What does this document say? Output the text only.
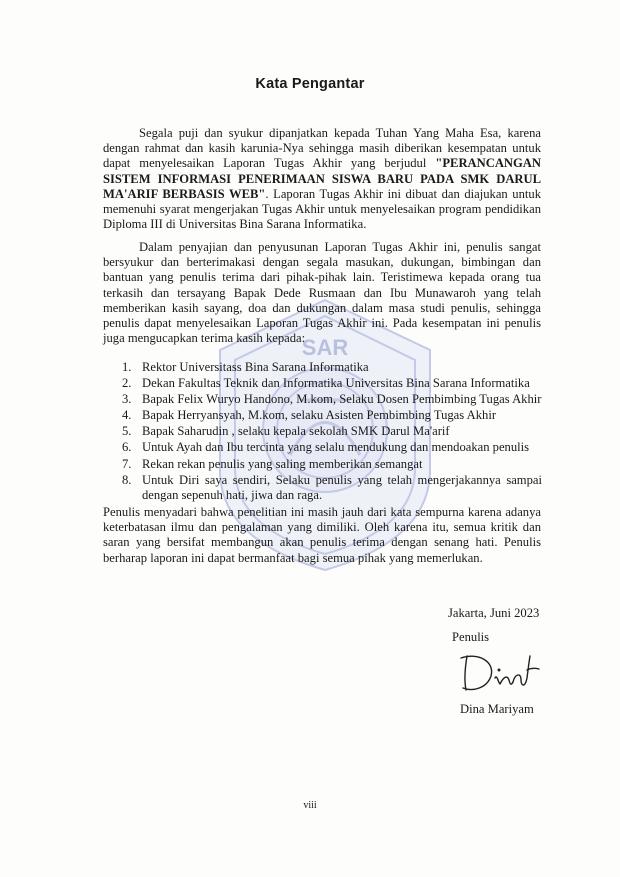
SAR
Kata Pengantar

Segala puji dan syukur dipanjatkan kepada Tuhan Yang Maha Esa, karena dengan rahmat dan kasih karunia-Nya sehingga masih diberikan kesempatan untuk dapat menyelesaikan Laporan Tugas Akhir yang berjudul "PERANCANGAN SISTEM INFORMASI PENERIMAAN SISWA BARU PADA SMK DARUL MA'ARIF BERBASIS WEB". Laporan Tugas Akhir ini dibuat dan diajukan untuk memenuhi syarat mengerjakan Tugas Akhir untuk menyelesaikan program pendidikan Diploma III di Universitas Bina Sarana Informatika.

Dalam penyajian dan penyusunan Laporan Tugas Akhir ini, penulis sangat bersyukur dan berterimakasi dengan segala masukan, dukungan, bimbingan dan bantuan yang penulis terima dari pihak-pihak lain. Teristimewa kepada orang tua terkasih dan tersayang Bapak Dede Rusmaan dan Ibu Munawaroh yang telah memberikan kasih sayang, doa dan dukungan dalam masa studi penulis, sehingga penulis dapat menyelesaikan Laporan Tugas Akhir ini. Pada kesempatan ini penulis juga mengucapkan terima kasih kepada:

1. Rektor Universitass Bina Sarana Informatika
2. Dekan Fakultas Teknik dan Informatika Universitas Bina Sarana Informatika
3. Bapak Felix Wuryo Handono, M.kom, Selaku Dosen Pembimbing Tugas Akhir
4. Bapak Herryansyah, M.kom, selaku Asisten Pembimbing Tugas Akhir
5. Bapak Saharudin , selaku kepala sekolah SMK Darul Ma'arif
6. Untuk Ayah dan Ibu tercinta yang selalu mendukung dan mendoakan penulis
7. Rekan rekan penulis yang saling memberikan semangat
8. Untuk Diri saya sendiri, Selaku penulis yang telah mengerjakannya sampai dengan sepenuh hati, jiwa dan raga.

Penulis menyadari bahwa penelitian ini masih jauh dari kata sempurna karena adanya keterbatasan ilmu dan pengalaman yang dimiliki. Oleh karena itu, semua kritik dan saran yang bersifat membangun akan penulis terima dengan senang hati. Penulis berharap laporan ini dapat bermanfaat bagi semua pihak yang memerlukan.

Jakarta, Juni 2023
Penulis
Dina Mariyam
viii
